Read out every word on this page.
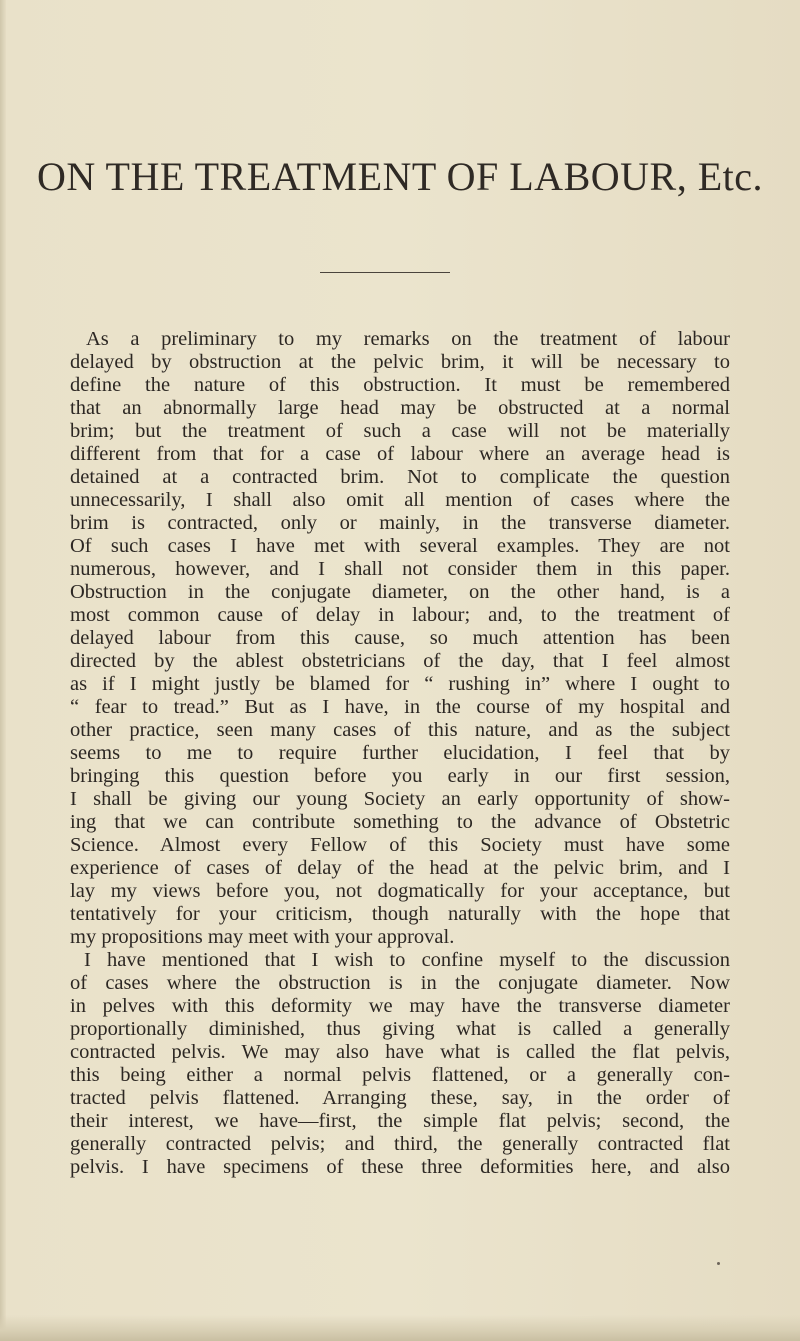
ON THE TREATMENT OF LABOUR, Etc.
As a preliminary to my remarks on the treatment of labour
delayed by obstruction at the pelvic brim, it will be necessary to
define the nature of this obstruction. It must be remembered
that an abnormally large head may be obstructed at a normal
brim; but the treatment of such a case will not be materially
different from that for a case of labour where an average head is
detained at a contracted brim. Not to complicate the question
unnecessarily, I shall also omit all mention of cases where the
brim is contracted, only or mainly, in the transverse diameter.
Of such cases I have met with several examples. They are not
numerous, however, and I shall not consider them in this paper.
Obstruction in the conjugate diameter, on the other hand, is a
most common cause of delay in labour; and, to the treatment of
delayed labour from this cause, so much attention has been
directed by the ablest obstetricians of the day, that I feel almost
as if I might justly be blamed for “ rushing in” where I ought to
“ fear to tread.” But as I have, in the course of my hospital and
other practice, seen many cases of this nature, and as the subject
seems to me to require further elucidation, I feel that by
bringing this question before you early in our first session,
I shall be giving our young Society an early opportunity of show-
ing that we can contribute something to the advance of Obstetric
Science. Almost every Fellow of this Society must have some
experience of cases of delay of the head at the pelvic brim, and I
lay my views before you, not dogmatically for your acceptance, but
tentatively for your criticism, though naturally with the hope that
my propositions may meet with your approval.
I have mentioned that I wish to confine myself to the discussion
of cases where the obstruction is in the conjugate diameter. Now
in pelves with this deformity we may have the transverse diameter
proportionally diminished, thus giving what is called a generally
contracted pelvis. We may also have what is called the flat pelvis,
this being either a normal pelvis flattened, or a generally con-
tracted pelvis flattened. Arranging these, say, in the order of
their interest, we have—first, the simple flat pelvis; second, the
generally contracted pelvis; and third, the generally contracted flat
pelvis. I have specimens of these three deformities here, and also
